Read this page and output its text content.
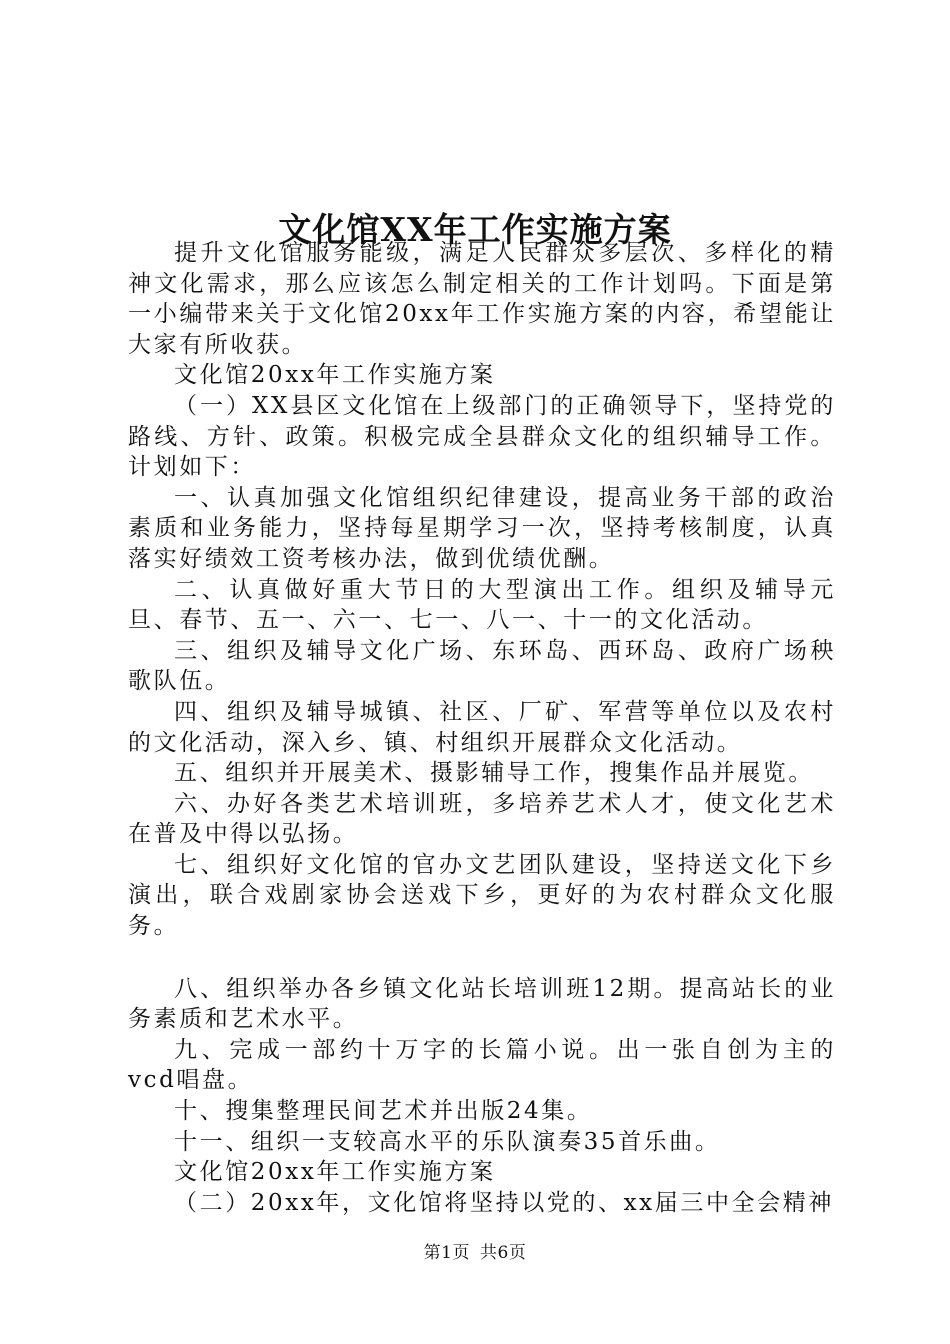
文化馆XX年工作实施方案

提升文化馆服务能级，满足人民群众多层次、多样化的精神文化需求，那么应该怎么制定相关的工作计划吗。下面是第一小编带来关于文化馆20xx年工作实施方案的内容，希望能让大家有所收获。

文化馆20xx年工作实施方案

（一）XX县区文化馆在上级部门的正确领导下，坚持党的路线、方针、政策。积极完成全县群众文化的组织辅导工作。计划如下：

一、认真加强文化馆组织纪律建设，提高业务干部的政治素质和业务能力，坚持每星期学习一次，坚持考核制度，认真落实好绩效工资考核办法，做到优绩优酬。

二、认真做好重大节日的大型演出工作。组织及辅导元旦、春节、五一、六一、七一、八一、十一的文化活动。

三、组织及辅导文化广场、东环岛、西环岛、政府广场秧歌队伍。

四、组织及辅导城镇、社区、厂矿、军营等单位以及农村的文化活动，深入乡、镇、村组织开展群众文化活动。

五、组织并开展美术、摄影辅导工作，搜集作品并展览。

六、办好各类艺术培训班，多培养艺术人才，使文化艺术在普及中得以弘扬。

七、组织好文化馆的官办文艺团队建设，坚持送文化下乡演出，联合戏剧家协会送戏下乡，更好的为农村群众文化服务。

八、组织举办各乡镇文化站长培训班12期。提高站长的业务素质和艺术水平。

九、完成一部约十万字的长篇小说。出一张自创为主的vcd唱盘。

十、搜集整理民间艺术并出版24集。

十一、组织一支较高水平的乐队演奏35首乐曲。

文化馆20xx年工作实施方案

（二）20xx年，文化馆将坚持以党的、xx届三中全会精神

第1页 共6页
